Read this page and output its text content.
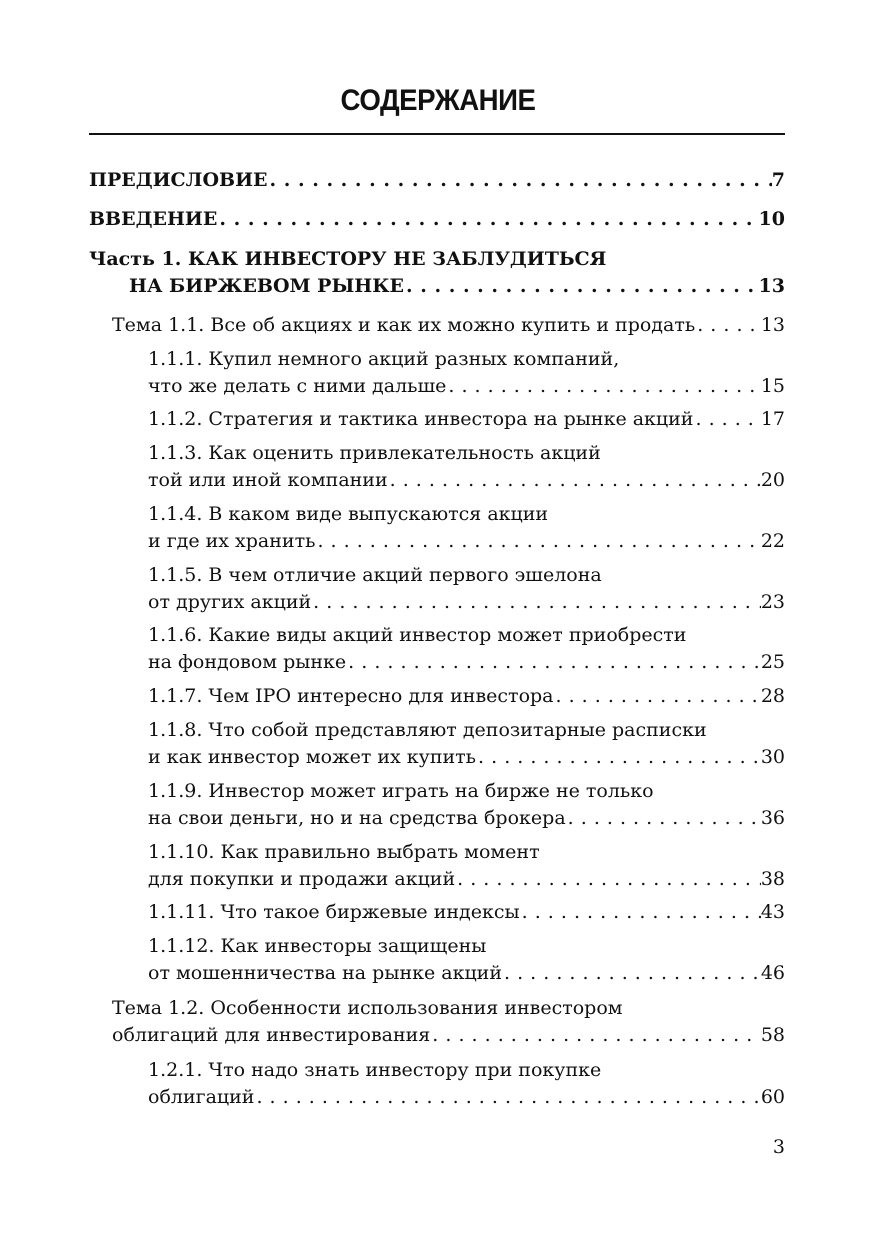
СОДЕРЖАНИЕ
ПРЕДИСЛОВИЕ . . .	7
ВВЕДЕНИЕ . . .	10
Часть 1. КАК ИНВЕСТОРУ НЕ ЗАБЛУДИТЬСЯ
НА БИРЖЕВОМ РЫНКЕ . . .	13
Тема 1.1. Все об акциях и как их можно купить и продать . . .	13
1.1.1. Купил немного акций разных компаний,
что же делать с ними дальше . . .	15
1.1.2. Стратегия и тактика инвестора на рынке акций . . .	17
1.1.3. Как оценить привлекательность акций
той или иной компании . . .	20
1.1.4. В каком виде выпускаются акции
и где их хранить . . .	22
1.1.5. В чем отличие акций первого эшелона
от других акций . . .	23
1.1.6. Какие виды акций инвестор может приобрести
на фондовом рынке . . .	25
1.1.7. Чем IPO интересно для инвестора . . .	28
1.1.8. Что собой представляют депозитарные расписки
и как инвестор может их купить . . .	30
1.1.9. Инвестор может играть на бирже не только
на свои деньги, но и на средства брокера . . .	36
1.1.10. Как правильно выбрать момент
для покупки и продажи акций . . .	38
1.1.11. Что такое биржевые индексы . . .	43
1.1.12. Как инвесторы защищены
от мошенничества на рынке акций . . .	46
Тема 1.2. Особенности использования инвестором
облигаций для инвестирования . . .	58
1.2.1. Что надо знать инвестору при покупке
облигаций . . .	60
3
